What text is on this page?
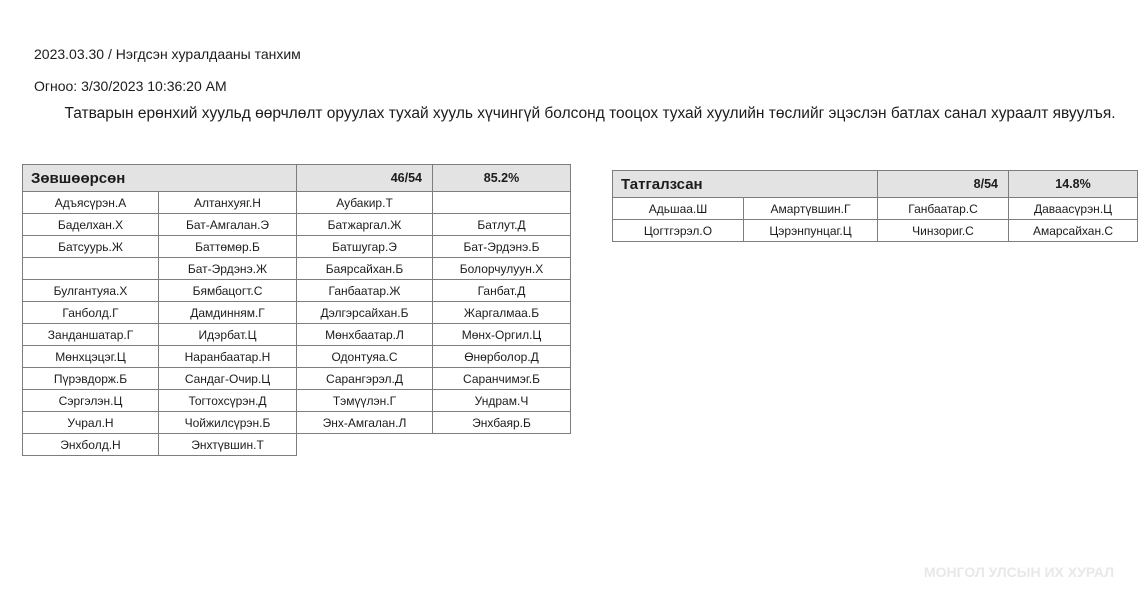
2023.03.30 / Нэгдсэн хуралдааны танхим
Огноо: 3/30/2023 10:36:20 AM
Татварын ерөнхий хуульд өөрчлөлт оруулах тухай хууль хүчингүй болсонд тооцох тухай хуулийн төслийг эцэслэн батлах санал хураалт явуулъя.
Зөвшөөрсөн		46/54	85.2%
Адъясүрэн.А	Алтанхуяг.Н	Аубакир.Т	
Баделхан.Х	Бат-Амгалан.Э	Батжаргал.Ж	Батлут.Д
Батсуурь.Ж	Баттөмөр.Б	Батшугар.Э	Бат-Эрдэнэ.Б
	Бат-Эрдэнэ.Ж	Баярсайхан.Б	Болорчулуун.Х
Булгантуяа.Х	Бямбацогт.С	Ганбаатар.Ж	Ганбат.Д
Ганболд.Г	Дамдинням.Г	Дэлгэрсайхан.Б	Жаргалмаа.Б
Занданшатар.Г	Идэрбат.Ц	Мөнхбаатар.Л	Мөнх-Оргил.Ц
Мөнхцэцэг.Ц	Наранбаатар.Н	Одонтуяа.С	Өнөрболор.Д
Пүрэвдорж.Б	Сандаг-Очир.Ц	Сарангэрэл.Д	Саранчимэг.Б
Сэргэлэн.Ц	Тогтохсүрэн.Д	Тэмүүлэн.Г	Ундрам.Ч
Учрал.Н	Чойжилсүрэн.Б	Энх-Амгалан.Л	Энхбаяр.Б
Энхболд.Н	Энхтүвшин.Т		
Татгалзсан		8/54	14.8%
Адьшаа.Ш	Амартүвшин.Г	Ганбаатар.С	Даваасүрэн.Ц
Цогтгэрэл.О	Цэрэнпунцаг.Ц	Чинзориг.С	Амарсайхан.С
МОНГОЛ УЛСЫН ИХ ХУРАЛ
